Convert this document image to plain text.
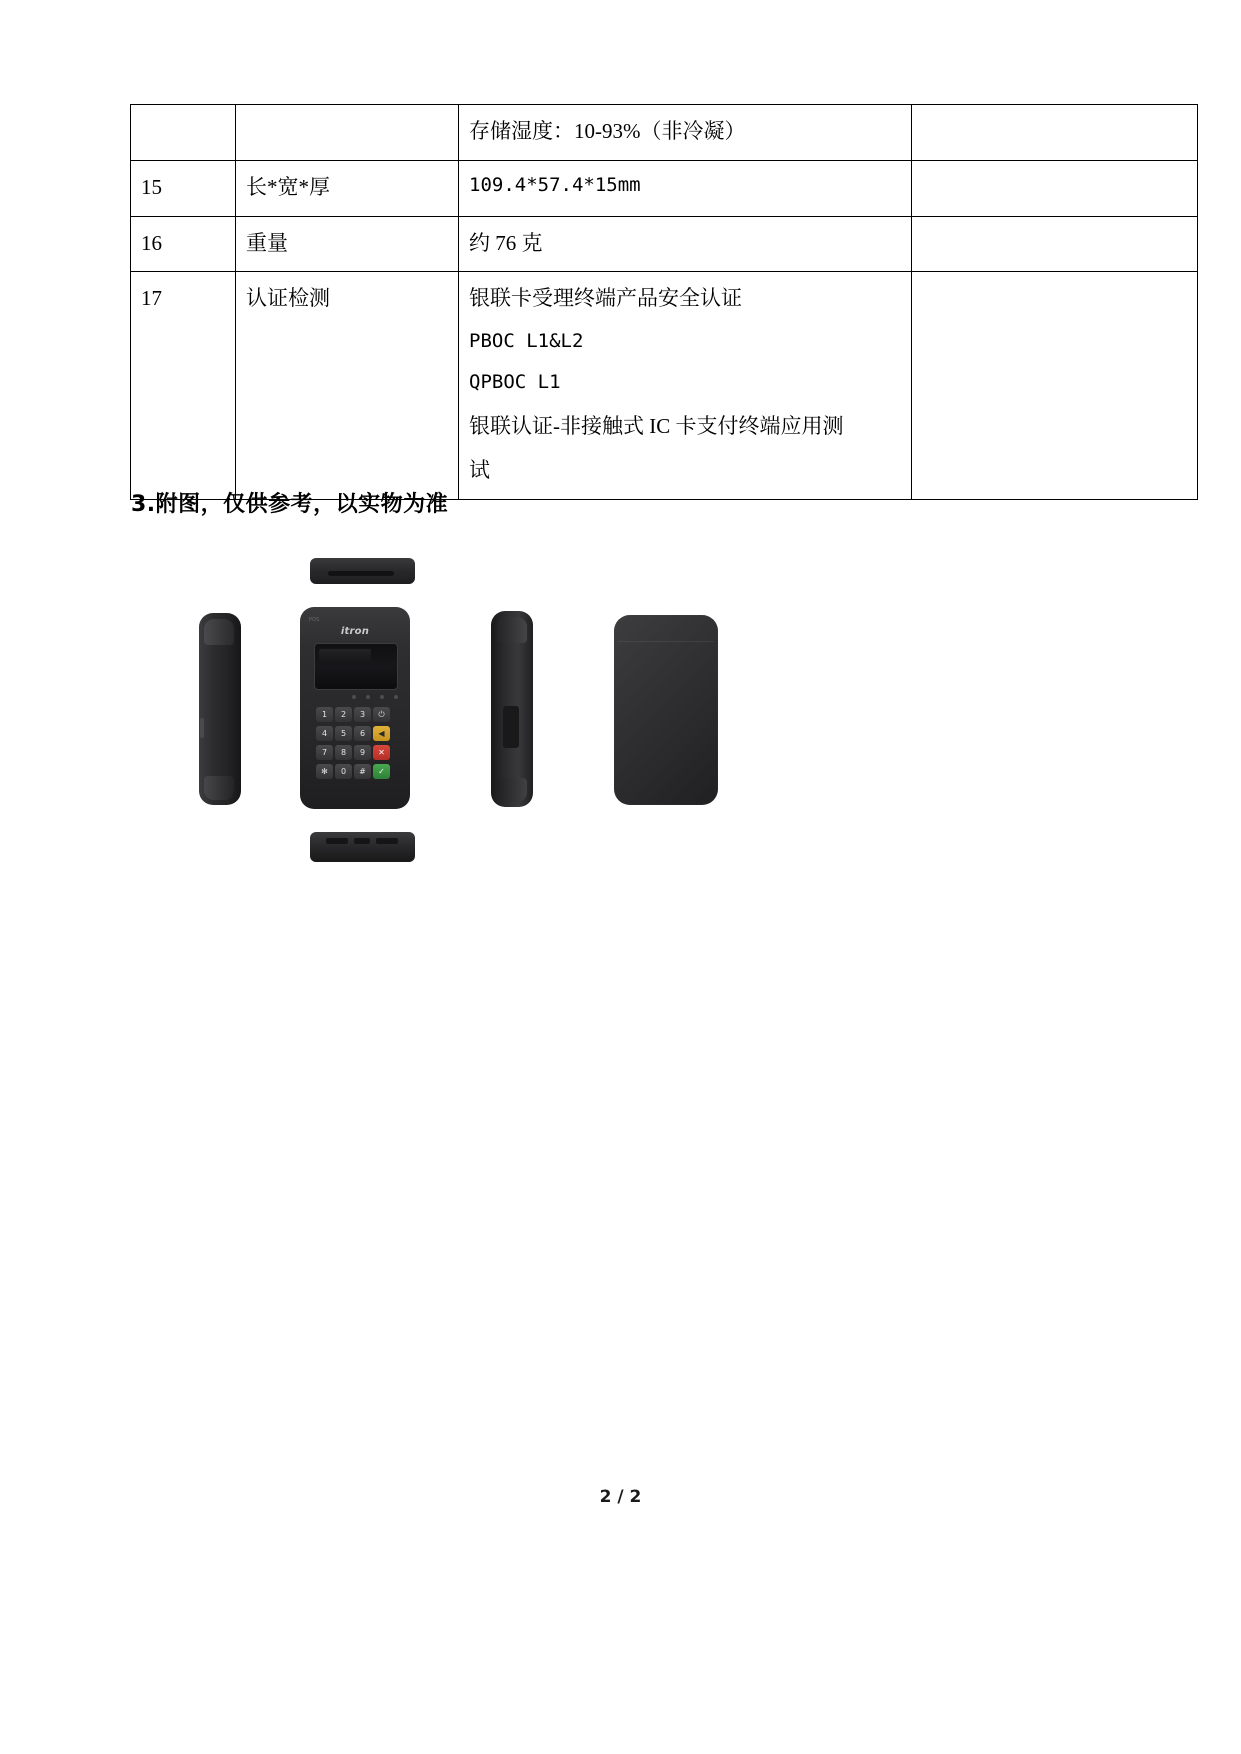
		存储湿度：10-93%（非冷凝）	

15	长*宽*厚	109.4*57.4*15mm	

16	重量	约 76 克	

17	认证检测	银联卡受理终端产品安全认证
PBOC L1&L2
QPBOC L1
银联认证-非接触式 IC 卡支付终端应用测
试	

3.附图，仅供参考，以实物为准
POS
itron
1	2	3	⏻
4	5	6	◀
7	8	9	✕
✻	0	#	✓
2 / 2
